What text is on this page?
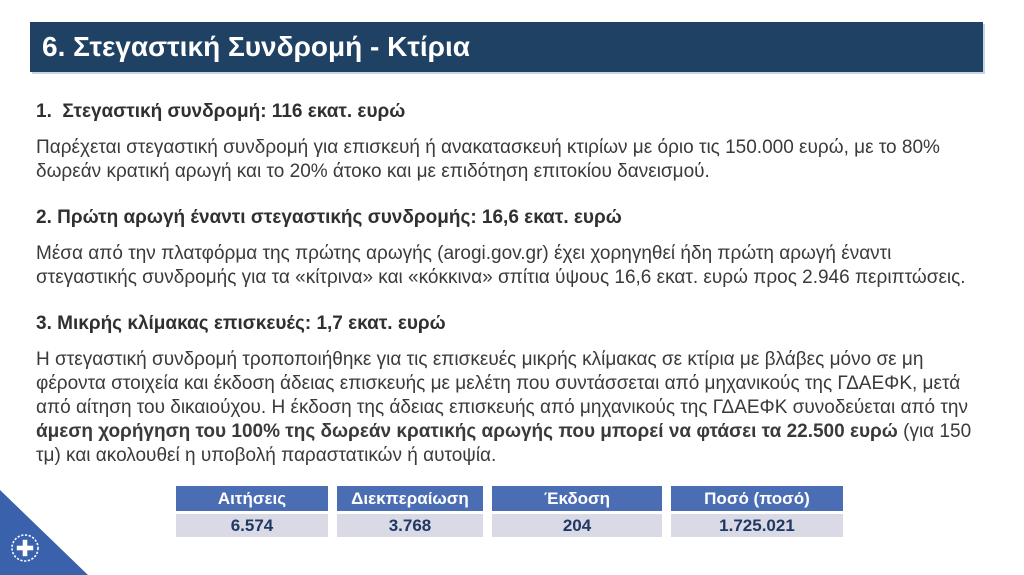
6. Στεγαστική Συνδρομή - Κτίρια
1.  Στεγαστική συνδρομή: 116 εκατ. ευρώ

Παρέχεται στεγαστική συνδρομή για επισκευή ή ανακατασκευή κτιρίων με όριο τις 150.000 ευρώ, με το 80% δωρεάν κρατική αρωγή και το 20% άτοκο και με επιδότηση επιτοκίου δανεισμού.

2. Πρώτη αρωγή έναντι στεγαστικής συνδρομής: 16,6 εκατ. ευρώ

Μέσα από την πλατφόρμα της πρώτης αρωγής (arogi.gov.gr) έχει χορηγηθεί ήδη πρώτη αρωγή έναντι στεγαστικής συνδρομής για τα «κίτρινα» και «κόκκινα» σπίτια ύψους 16,6 εκατ. ευρώ προς 2.946 περιπτώσεις.

3. Μικρής κλίμακας επισκευές: 1,7 εκατ. ευρώ

Η στεγαστική συνδρομή τροποποιήθηκε για τις επισκευές μικρής κλίμακας σε κτίρια με βλάβες μόνο σε μη φέροντα στοιχεία και έκδοση άδειας επισκευής με μελέτη που συντάσσεται από μηχανικούς της ΓΔΑΕΦΚ, μετά από αίτηση του δικαιούχου. Η έκδοση της άδειας επισκευής από μηχανικούς της ΓΔΑΕΦΚ συνοδεύεται από την άμεση χορήγηση του 100% της δωρεάν κρατικής αρωγής που μπορεί να φτάσει τα 22.500 ευρώ (για 150 τμ) και ακολουθεί η υποβολή παραστατικών ή αυτοψία.

Αιτήσεις	Διεκπεραίωση	Έκδοση	Ποσό (ποσό)
6.574	3.768	204	1.725.021
